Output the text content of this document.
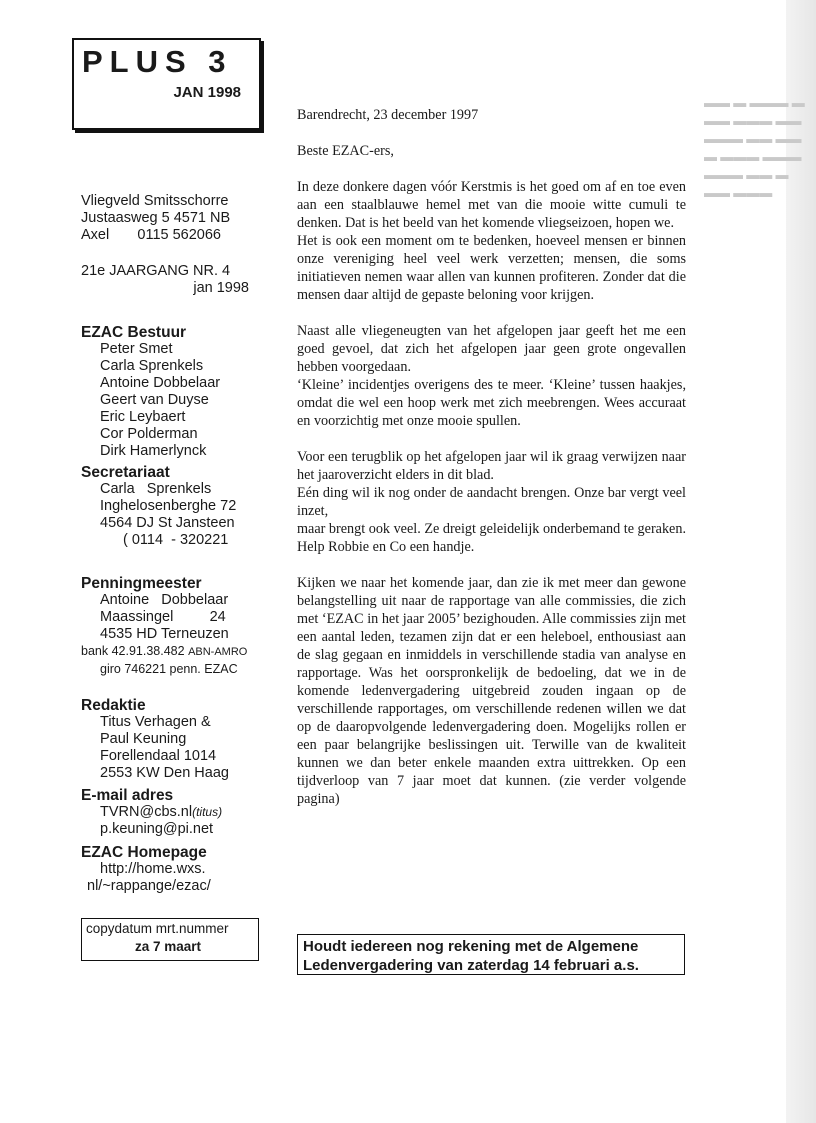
▬▬ ▬ ▬▬▬ ▬
▬▬ ▬▬▬ ▬▬
▬▬▬ ▬▬ ▬▬
▬ ▬▬▬ ▬▬▬
▬▬▬ ▬▬ ▬
▬▬ ▬▬▬
PLUS 3
JAN 1998
Vliegveld Smitsschorre
Justaasweg 5 4571 NB
Axel       0115 562066
21e JAARGANG NR. 4
jan 1998
EZAC Bestuur
Peter Smet
Carla Sprenkels
Antoine Dobbelaar
Geert van Duyse
Eric Leybaert
Cor Polderman
Dirk Hamerlynck
Secretariaat
Carla   Sprenkels
Inghelosenberghe 72
4564 DJ St Jansteen
( 0114  - 320221
Penningmeester
Antoine   Dobbelaar
Maassingel         24
4535 HD Terneuzen
bank 42.91.38.482 ABN-AMRO
giro 746221 penn. EZAC
Redaktie
Titus Verhagen &
Paul Keuning
Forellendaal 1014
2553 KW Den Haag
E-mail adres
TVRN@cbs.nl(titus)
p.keuning@pi.net
EZAC Homepage
http://home.wxs.
nl/~rappange/ezac/
copydatum mrt.nummer
za 7 maart

Barendrecht, 23 december 1997

Beste EZAC-ers,

In deze donkere dagen vóór Kerstmis is het goed om af en toe even aan een staalblauwe hemel met van die mooie witte cumuli te denken. Dat is het beeld van het komende vliegseizoen, hopen we.

Het is ook een moment om te bedenken, hoeveel mensen er binnen onze vereniging heel veel werk verzetten; mensen, die soms initiatieven nemen waar allen van kunnen profiteren. Zonder dat die mensen daar altijd de gepaste beloning voor krijgen.

Naast alle vliegeneugten van het afgelopen jaar geeft het me een goed gevoel, dat zich het afgelopen jaar geen grote ongevallen hebben voorgedaan.

‘Kleine’ incidentjes overigens des te meer. ‘Kleine’ tussen haakjes, omdat die wel een hoop werk met zich meebrengen. Wees accuraat en voorzichtig met onze mooie spullen.

Voor een terugblik op het afgelopen jaar wil ik graag verwijzen naar het jaaroverzicht elders in dit blad.

Eén ding wil ik nog onder de aandacht brengen. Onze bar vergt veel inzet,

maar brengt ook veel. Ze dreigt geleidelijk onderbemand te geraken. Help Robbie en Co een handje.

Kijken we naar het komende jaar, dan zie ik met meer dan gewone belangstelling uit naar de rapportage van alle commissies, die zich met ‘EZAC in het jaar 2005’ bezighouden. Alle commissies zijn met een aantal leden, tezamen zijn dat er een heleboel, enthousiast aan de slag gegaan en inmiddels in verschillende stadia van analyse en rapportage. Was het oorspronkelijk de bedoeling, dat we in de komende ledenvergadering uitgebreid zouden ingaan op de verschillende rapportages, om verschillende redenen willen we dat op de daaropvolgende ledenvergadering doen. Mogelijks rollen er een paar belangrijke beslissingen uit. Terwille van de kwaliteit kunnen we dan beter enkele maanden extra uittrekken. Op een tijdverloop van 7 jaar moet dat kunnen. (zie verder volgende pagina)

Houdt iedereen nog rekening met de Algemene
Ledenvergadering van zaterdag 14 februari a.s.
